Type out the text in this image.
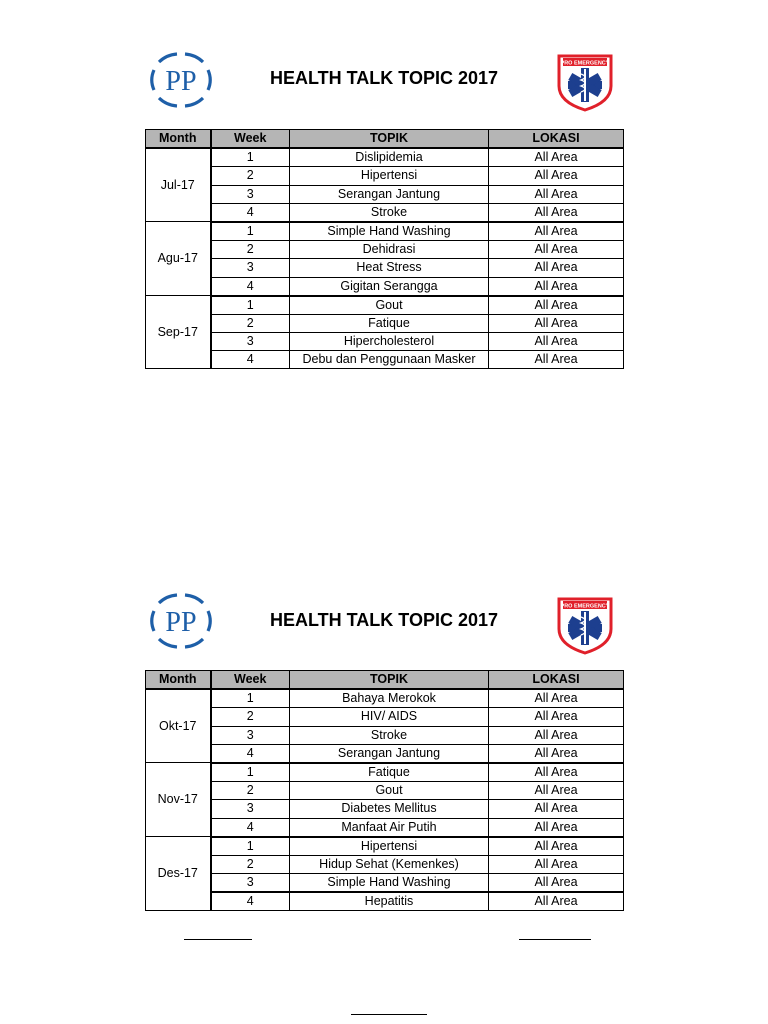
PP	HEALTH TALK TOPIC 2017
PRO EMERGENCY
Month	Week	TOPIK	LOKASI
Jul-17	1	Dislipidemia	All Area
	2	Hipertensi	All Area
	3	Serangan Jantung	All Area
	4	Stroke	All Area
Agu-17	1	Simple Hand Washing	All Area
	2	Dehidrasi	All Area
	3	Heat Stress	All Area
	4	Gigitan Serangga	All Area
Sep-17	1	Gout	All Area
	2	Fatique	All Area
	3	Hipercholesterol	All Area
	4	Debu dan Penggunaan Masker	All Area
PP	HEALTH TALK TOPIC 2017
PRO EMERGENCY
Month	Week	TOPIK	LOKASI
Okt-17	1	Bahaya Merokok	All Area
	2	HIV/ AIDS	All Area
	3	Stroke	All Area
	4	Serangan Jantung	All Area
Nov-17	1	Fatique	All Area
	2	Gout	All Area
	3	Diabetes Mellitus	All Area
	4	Manfaat Air Putih	All Area
Des-17	1	Hipertensi	All Area
	2	Hidup Sehat (Kemenkes)	All Area
	3	Simple Hand Washing	All Area
	4	Hepatitis	All Area
